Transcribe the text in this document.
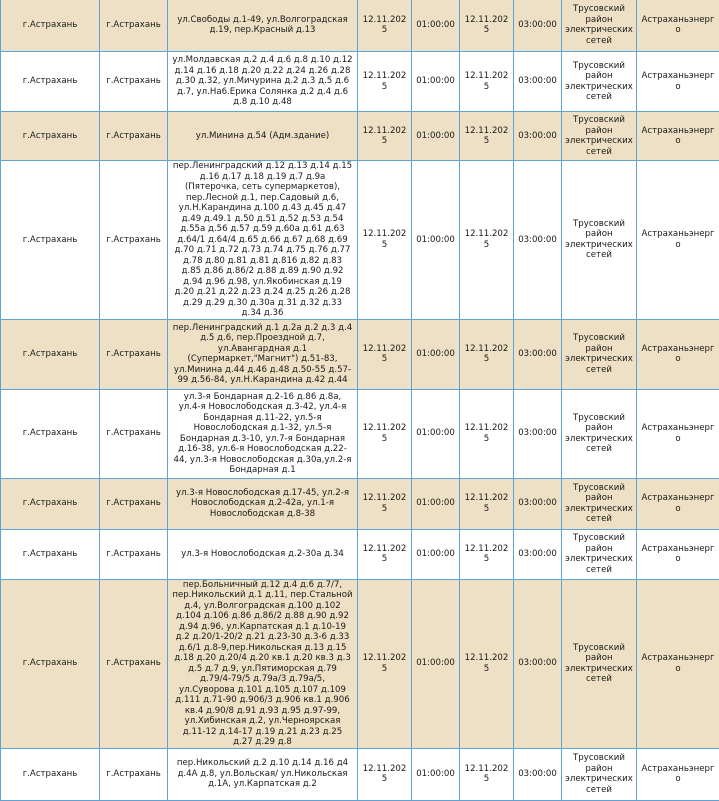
г.Астрахань	г.Астрахань	ул.Свободы д.1-49, ул.Волгоградская д.19, пер.Красный д.13	12.11.2025	01:00:00	12.11.2025	03:00:00	Трусовский район электрических сетей	Астраханьэнерго
г.Астрахань	г.Астрахань	ул.Молдавская д.2 д.4 д.6 д.8 д.10 д.12 д.14 д.16 д.18 д.20 д.22 д.24 д.26 д.28 д.30 д.32, ул.Мичурина д.2 д.3 д.5 д.6 д.7, ул.На6.Ерика Солянка д.2 д.4 д.6 д.8 д.10 д.48	12.11.2025	01:00:00	12.11.2025	03:00:00	Трусовский район электрических сетей	Астраханьэнерго
г.Астрахань	г.Астрахань	ул.Минина д.54 (Адм.здание)	12.11.2025	01:00:00	12.11.2025	03:00:00	Трусовский район электрических сетей	Астраханьэнерго
г.Астрахань	г.Астрахань	пер.Ленинградский д.12 д.13 д.14 д.15 д.16 д.17 д.18 д.19 д.7 д.9а (Пятерочка, сеть супермаркетов), пер.Лесной д.1, пер.Садовый д.6, ул.Н.Карандина д.100 д.43 д.45 д.47 д.49 д.49.1 д.50 д.51 д.52 д.53 д.54 д.55а д.56 д.57 д.59 д.60а д.61 д.63 д.64/1 д.64/4 д.65 д.66 д.67 д.68 д.69 д.70 д.71 д.72 д.73 д.74 д.75 д.76 д.77 д.78 д.80 д.81 д.81 д.816 д.82 д.83 д.85 д.86 д.86/2 д.88 д.89 д.90 д.92 д.94 д.96 д.98, ул.Якобинская д.19 д.20 д.21 д.22 д.23 д.24 д.25 д.26 д.28 д.29 д.29 д.30 д.30а д.31 д.32 д.33 д.34 д.36	12.11.2025	01:00:00	12.11.2025	03:00:00	Трусовский район электрических сетей	Астраханьэнерго
г.Астрахань	г.Астрахань	пер.Ленинградский д.1 д.2а д.2 д.3 д.4 д.5 д.6, пер.Проездной д.7, ул.Авангардная д.1 (Супермаркет,"Магнит") д.51-83, ул.Минина д.44 д.46 д.48 д.50-55 д.57-99 д.56-84, ул.Н.Карандина д.42 д.44	12.11.2025	01:00:00	12.11.2025	03:00:00	Трусовский район электрических сетей	Астраханьэнерго
г.Астрахань	г.Астрахань	ул.3-я Бондарная д.2-16 д.86 д.8а, ул.4-я Новослободская д.3-42, ул.4-я Бондарная д.11-22, ул.5-я Новослободская д.1-32, ул.5-я Бондарная д.3-10, ул.7-я Бондарная д.16-38, ул.6-я Новослободская д.22-44, ул.3-я Новослободская д.30а,ул.2-я Бондарная д.1	12.11.2025	01:00:00	12.11.2025	03:00:00	Трусовский район электрических сетей	Астраханьэнерго
г.Астрахань	г.Астрахань	ул.3-я Новослободская д.17-45, ул.2-я Новослободская д.2-42а, ул.1-я Новослободская д.8-38	12.11.2025	01:00:00	12.11.2025	03:00:00	Трусовский район электрических сетей	Астраханьэнерго
г.Астрахань	г.Астрахань	ул.3-я Новослободская д.2-30а д.34	12.11.2025	01:00:00	12.11.2025	03:00:00	Трусовский район электрических сетей	Астраханьэнерго
г.Астрахань	г.Астрахань	пер.Больничный д.12 д.4 д.6 д.7/7, пер.Никольский д.1 д.11, пер.Стальной д.4, ул.Волгоградская д.100 д.102 д.104 д.106 д.86 д.86/2 д.88 д.90 д.92 д.94 д.96, ул.Карпатская д.1 д.10-19 д.2 д.20/1-20/2 д.21 д.23-30 д.3-6 д.33 д.6/1 д.8-9,пер.Никольская д.13 д.15 д.18 д.20 д.20/4 д.20 кв.1 д.20 кв.3 д.3 д.5 д.7 д.9, ул.Пятиморская д.79 д.79/4-79/5 д.79а/3 д.79а/5, ул.Суворова д.101 д.105 д.107 д.109 д.111 д.71-90 д.906/3 д.906 кв.1 д.906 кв.4 д.90/8 д.91 д.93 д.95 д.97-99, ул.Хибинская д.2, ул.Черноярская д.11-12 д.14-17 д.19 д.21 д.23 д.25 д.27 д.29 д.8	12.11.2025	01:00:00	12.11.2025	03:00:00	Трусовский район электрических сетей	Астраханьэнерго
г.Астрахань	г.Астрахань	пер.Никольский д.2 д.10 д.14 д.16 д4 д.4А д.8, ул.Вольская/ ул.Никольская д.1А, ул.Карпатская д.2	12.11.2025	01:00:00	12.11.2025	03:00:00	Трусовский район электрических сетей	Астраханьэнерго
